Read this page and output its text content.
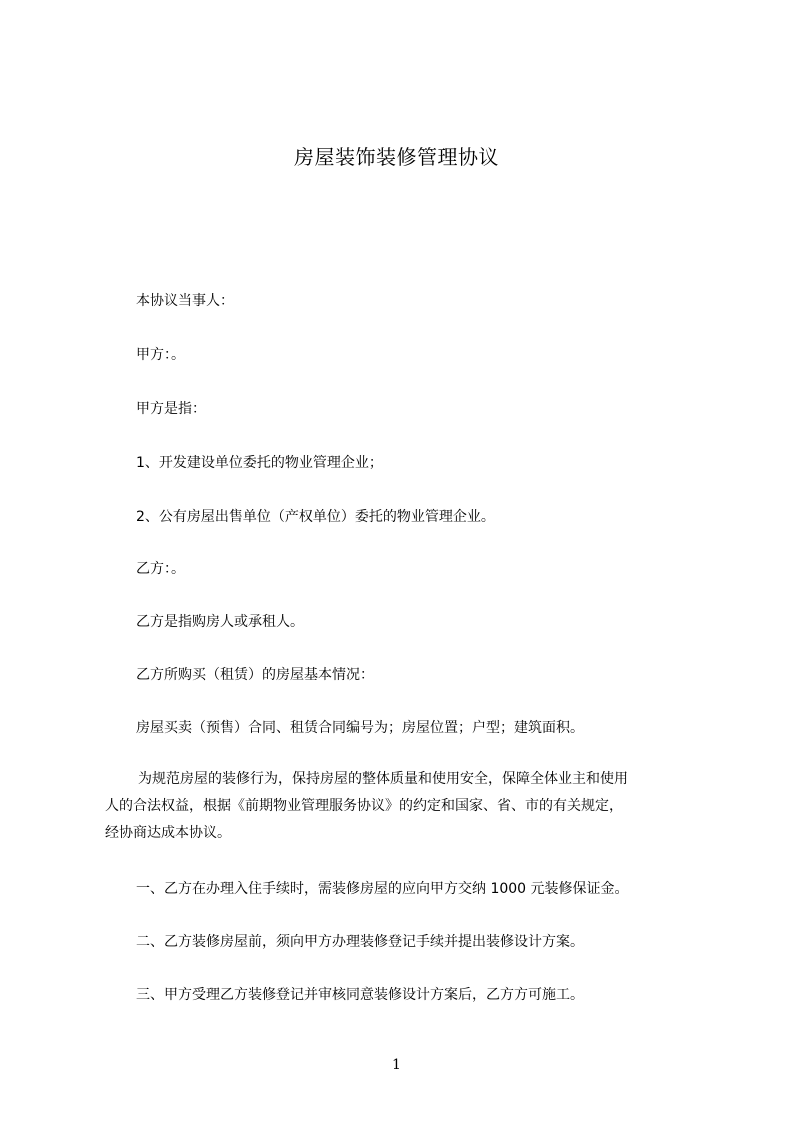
房屋装饰装修管理协议
本协议当事人：
甲方：。
甲方是指：
1、开发建设单位委托的物业管理企业；
2、公有房屋出售单位（产权单位）委托的物业管理企业。
乙方：。
乙方是指购房人或承租人。
乙方所购买（租赁）的房屋基本情况：
房屋买卖（预售）合同、租赁合同编号为；房屋位置；户型；建筑面积。
为规范房屋的装修行为，保持房屋的整体质量和使用安全，保障全体业主和使用
人的合法权益，根据《前期物业管理服务协议》的约定和国家、省、市的有关规定，
经协商达成本协议。
一、乙方在办理入住手续时，需装修房屋的应向甲方交纳 1000 元装修保证金。
二、乙方装修房屋前，须向甲方办理装修登记手续并提出装修设计方案。
三、甲方受理乙方装修登记并审核同意装修设计方案后，乙方方可施工。
1
